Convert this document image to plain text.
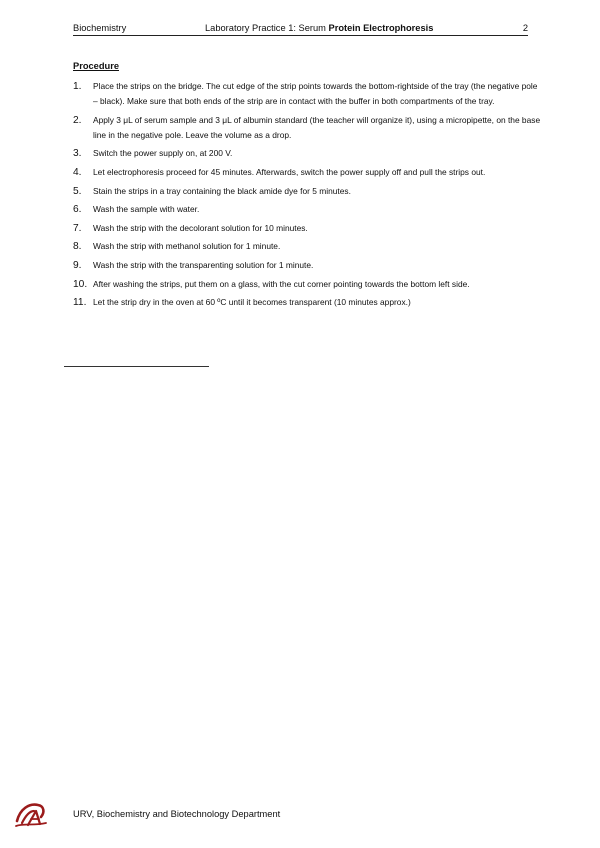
Biochemistry	Laboratory Practice 1: Serum Protein Electrophoresis	2
Procedure
1.	Place the strips on the bridge. The cut edge of the strip points towards the bottom-rightside of the tray (the negative pole – black). Make sure that both ends of the strip are in contact with the buffer in both compartments of the tray.
2.	Apply 3 μL of serum sample and 3 μL of albumin standard (the teacher will organize it), using a micropipette, on the base line in the negative pole. Leave the volume as a drop.
3.	Switch the power supply on, at 200 V.
4.	Let electrophoresis proceed for 45 minutes. Afterwards, switch the power supply off and pull the strips out.
5.	Stain the strips in a tray containing the black amide dye for 5 minutes.
6.	Wash the sample with water.
7.	Wash the strip with the decolorant solution for 10 minutes.
8.	Wash the strip with methanol solution for 1 minute.
9.	Wash the strip with the transparenting solution for 1 minute.
10. After washing the strips, put them on a glass, with the cut corner pointing towards the bottom left side.
11. Let the strip dry in the oven at 60 ºC until it becomes transparent (10 minutes approx.)
URV, Biochemistry and Biotechnology Department
